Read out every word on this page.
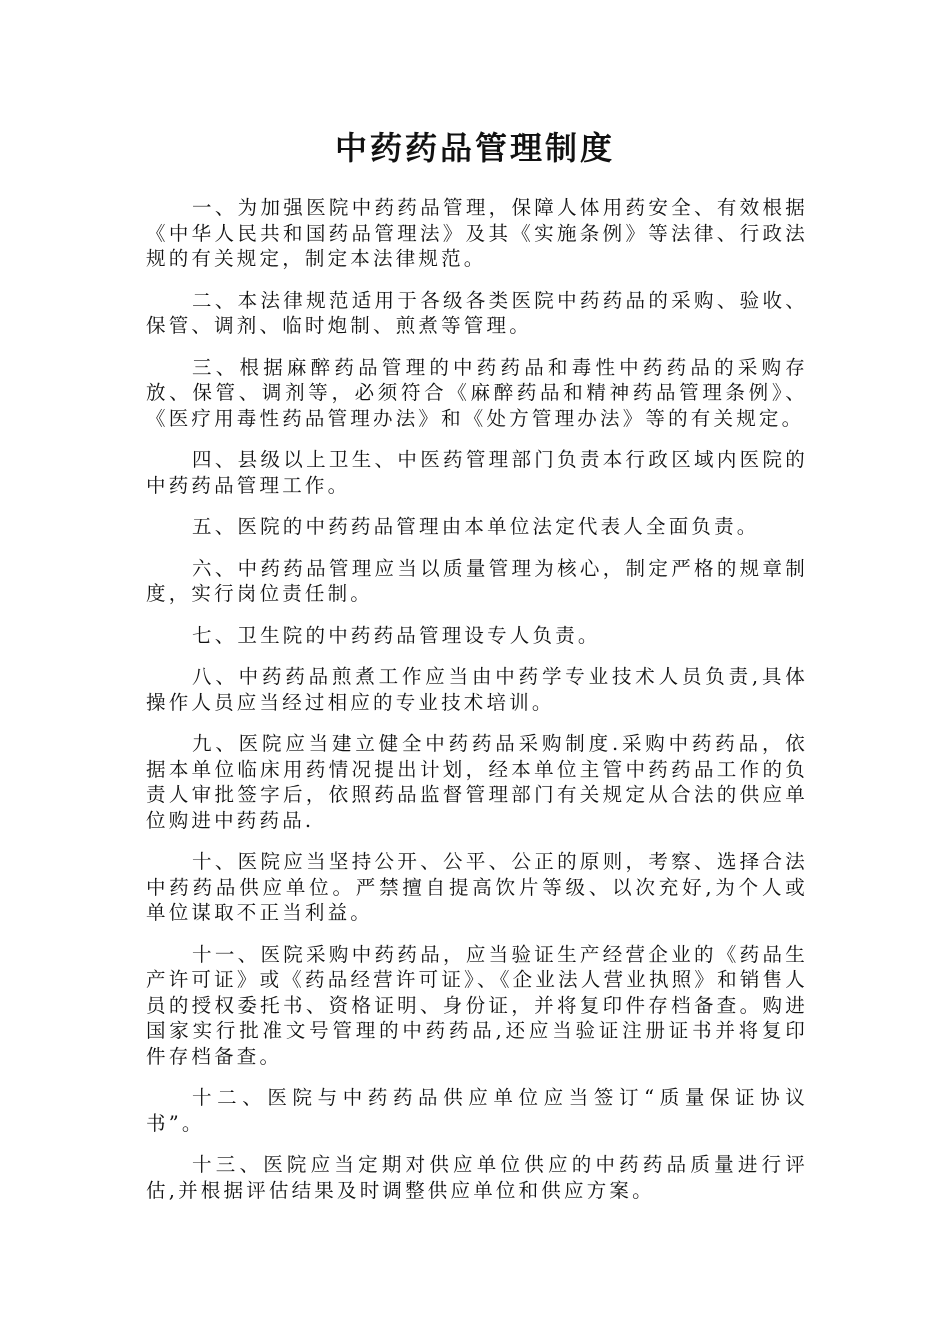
中药药品管理制度

一、为加强医院中药药品管理，保障人体用药安全、有效根据《中华人民共和国药品管理法》及其《实施条例》等法律、行政法规的有关规定，制定本法律规范。

二、本法律规范适用于各级各类医院中药药品的采购、验收、保管、调剂、临时炮制、煎煮等管理。

三、根据麻醉药品管理的中药药品和毒性中药药品的采购存放、保管、调剂等，必须符合《麻醉药品和精神药品管理条例》、《医疗用毒性药品管理办法》和《处方管理办法》等的有关规定。

四、县级以上卫生、中医药管理部门负责本行政区域内医院的中药药品管理工作。

五、医院的中药药品管理由本单位法定代表人全面负责。

六、中药药品管理应当以质量管理为核心，制定严格的规章制度，实行岗位责任制。

七、卫生院的中药药品管理设专人负责。

八、中药药品煎煮工作应当由中药学专业技术人员负责,具体操作人员应当经过相应的专业技术培训。

九、医院应当建立健全中药药品采购制度.采购中药药品，依据本单位临床用药情况提出计划，经本单位主管中药药品工作的负责人审批签字后，依照药品监督管理部门有关规定从合法的供应单位购进中药药品.

十、医院应当坚持公开、公平、公正的原则，考察、选择合法中药药品供应单位。严禁擅自提高饮片等级、以次充好,为个人或单位谋取不正当利益。

十一、医院采购中药药品，应当验证生产经营企业的《药品生产许可证》或《药品经营许可证》、《企业法人营业执照》和销售人员的授权委托书、资格证明、身份证，并将复印件存档备查。购进国家实行批准文号管理的中药药品,还应当验证注册证书并将复印件存档备查。

十二、医院与中药药品供应单位应当签订“质量保证协议书”。

十三、医院应当定期对供应单位供应的中药药品质量进行评估,并根据评估结果及时调整供应单位和供应方案。
